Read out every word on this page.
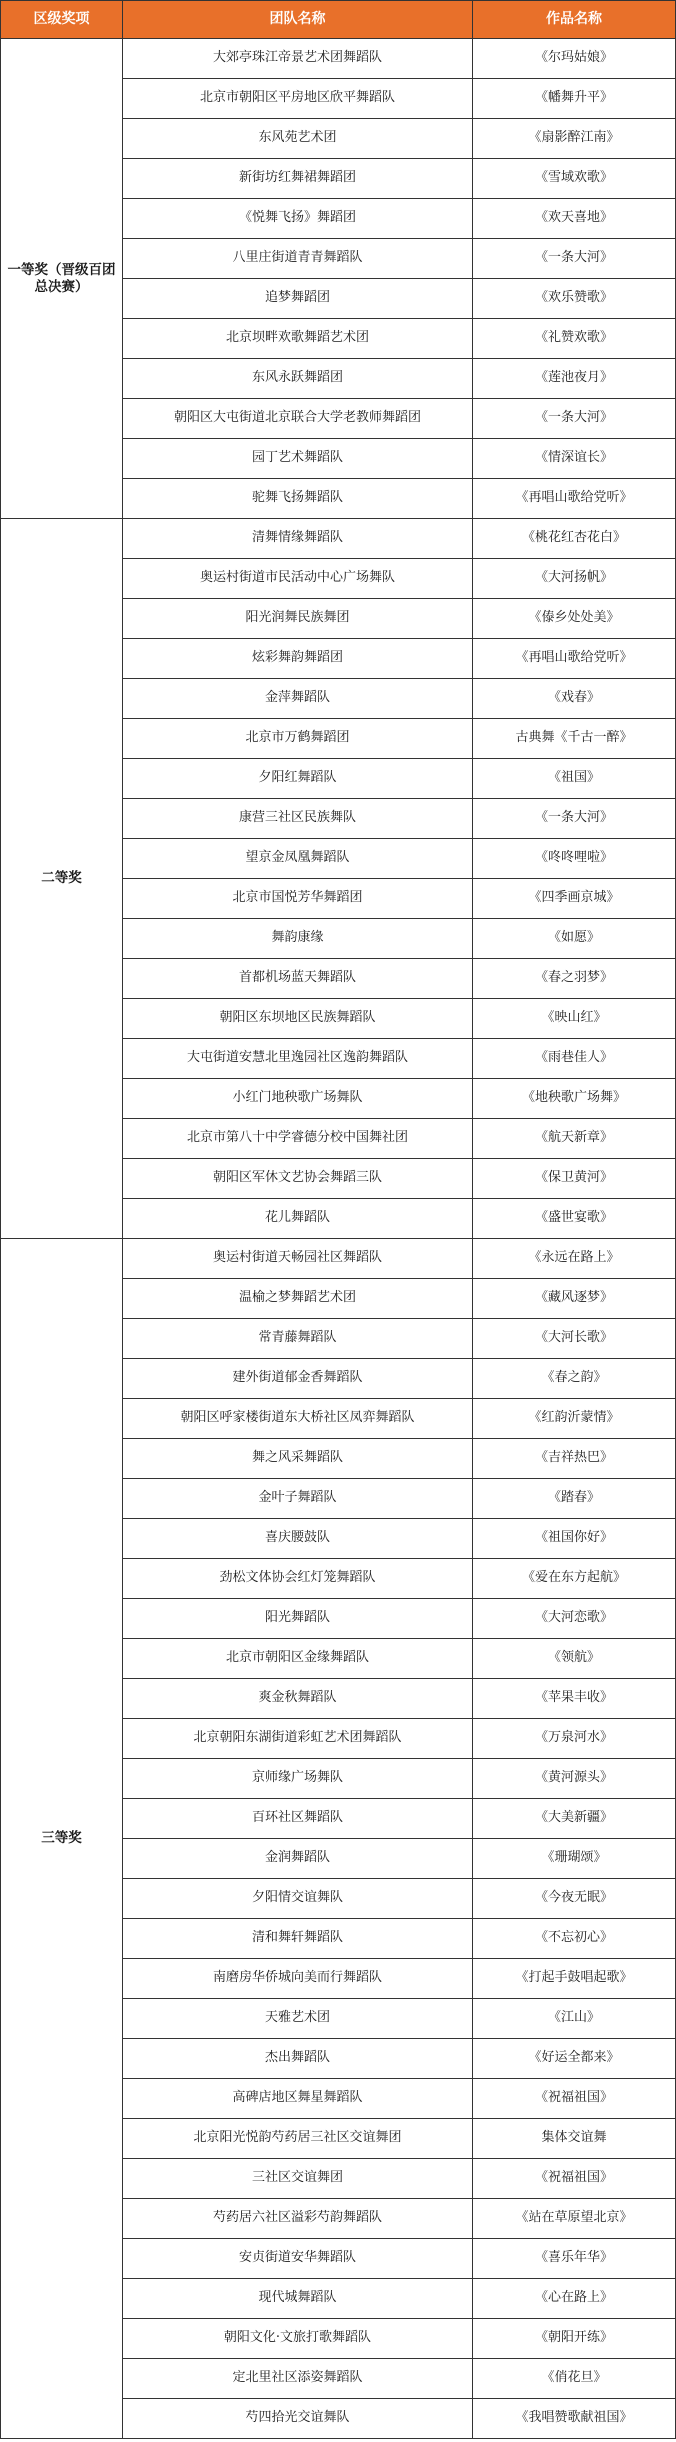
区级奖项	团队名称	作品名称
一等奖（晋级百团总决赛）	大郊亭珠江帝景艺术团舞蹈队	《尔玛姑娘》
	北京市朝阳区平房地区欣平舞蹈队	《幡舞升平》
	东风苑艺术团	《扇影醉江南》
	新街坊红舞裙舞蹈团	《雪域欢歌》
	《悦舞飞扬》舞蹈团	《欢天喜地》
	八里庄街道青青舞蹈队	《一条大河》
	追梦舞蹈团	《欢乐赞歌》
	北京坝畔欢歌舞蹈艺术团	《礼赞欢歌》
	东风永跃舞蹈团	《莲池夜月》
	朝阳区大屯街道北京联合大学老教师舞蹈团	《一条大河》
	园丁艺术舞蹈队	《情深谊长》
	驼舞飞扬舞蹈队	《再唱山歌给党听》
二等奖	清舞情缘舞蹈队	《桃花红杏花白》
	奥运村街道市民活动中心广场舞队	《大河扬帆》
	阳光润舞民族舞团	《傣乡处处美》
	炫彩舞韵舞蹈团	《再唱山歌给党听》
	金萍舞蹈队	《戏春》
	北京市万鹤舞蹈团	古典舞《千古一醉》
	夕阳红舞蹈队	《祖国》
	康营三社区民族舞队	《一条大河》
	望京金凤凰舞蹈队	《咚咚哩啦》
	北京市国悦芳华舞蹈团	《四季画京城》
	舞韵康缘	《如愿》
	首都机场蓝天舞蹈队	《春之羽梦》
	朝阳区东坝地区民族舞蹈队	《映山红》
	大屯街道安慧北里逸园社区逸韵舞蹈队	《雨巷佳人》
	小红门地秧歌广场舞队	《地秧歌广场舞》
	北京市第八十中学睿德分校中国舞社团	《航天新章》
	朝阳区军休文艺协会舞蹈三队	《保卫黄河》
	花儿舞蹈队	《盛世宴歌》
三等奖	奥运村街道天畅园社区舞蹈队	《永远在路上》
	温榆之梦舞蹈艺术团	《藏风逐梦》
	常青藤舞蹈队	《大河长歌》
	建外街道郁金香舞蹈队	《春之韵》
	朝阳区呼家楼街道东大桥社区凤弈舞蹈队	《红韵沂蒙情》
	舞之风采舞蹈队	《吉祥热巴》
	金叶子舞蹈队	《踏春》
	喜庆腰鼓队	《祖国你好》
	劲松文体协会红灯笼舞蹈队	《爱在东方起航》
	阳光舞蹈队	《大河恋歌》
	北京市朝阳区金缘舞蹈队	《领航》
	爽金秋舞蹈队	《苹果丰收》
	北京朝阳东湖街道彩虹艺术团舞蹈队	《万泉河水》
	京师缘广场舞队	《黄河源头》
	百环社区舞蹈队	《大美新疆》
	金润舞蹈队	《珊瑚颂》
	夕阳情交谊舞队	《今夜无眠》
	清和舞轩舞蹈队	《不忘初心》
	南磨房华侨城向美而行舞蹈队	《打起手鼓唱起歌》
	天雅艺术团	《江山》
	杰出舞蹈队	《好运全都来》
	高碑店地区舞星舞蹈队	《祝福祖国》
	北京阳光悦韵芍药居三社区交谊舞团	集体交谊舞
	三社区交谊舞团	《祝福祖国》
	芍药居六社区溢彩芍韵舞蹈队	《站在草原望北京》
	安贞街道安华舞蹈队	《喜乐年华》
	现代城舞蹈队	《心在路上》
	朝阳文化·文旅打歌舞蹈队	《朝阳开练》
	定北里社区添姿舞蹈队	《俏花旦》
	芍四拾光交谊舞队	《我唱赞歌献祖国》
